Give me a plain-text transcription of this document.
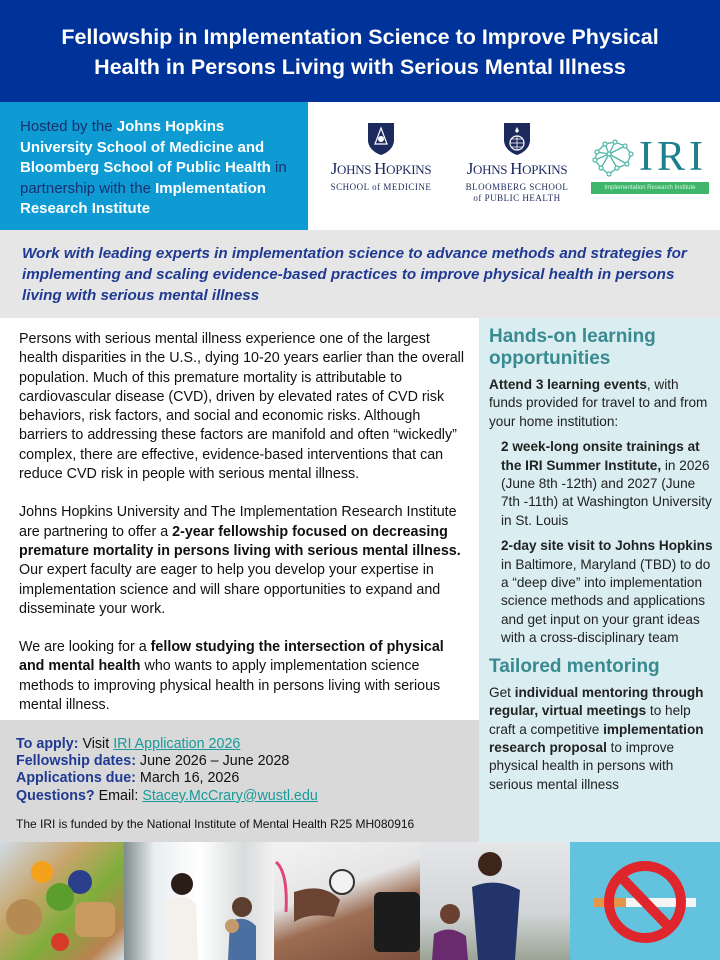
Fellowship in Implementation Science to Improve Physical
Health in Persons Living with Serious Mental Illness
Hosted by the Johns Hopkins University School of Medicine and Bloomberg School of Public Health in partnership with the Implementation Research Institute
JOHNS HOPKINS
SCHOOL of MEDICINE
JOHNS HOPKINS
BLOOMBERG SCHOOL
of PUBLIC HEALTH
IRI
Implementation Research Institute

Work with leading experts in implementation science to advance methods and strategies for implementing and scaling evidence-based practices to improve physical health in persons living with serious mental illness

Persons with serious mental illness experience one of the largest health disparities in the U.S., dying 10-20 years earlier than the overall population. Much of this premature mortality is attributable to cardiovascular disease (CVD), driven by elevated rates of CVD risk behaviors, risk factors, and social and economic risks. Although barriers to addressing these factors are manifold and often “wickedly” complex, there are effective, evidence-based interventions that can reduce CVD risk in people with serious mental illness.

Johns Hopkins University and The Implementation Research Institute are partnering to offer a 2-year fellowship focused on decreasing premature mortality in persons living with serious mental illness. Our expert faculty are eager to help you develop your expertise in implementation science and will share opportunities to expand and disseminate your work.

We are looking for a fellow studying the intersection of physical and mental health who wants to apply implementation science methods to improving physical health in persons living with serious mental illness.

To apply: Visit IRI Application 2026
Fellowship dates: June 2026 – June 2028
Applications due: March 16, 2026
Questions? Email: Stacey.McCrary@wustl.edu
The IRI is funded by the National Institute of Mental Health R25 MH080916
Hands-on learning opportunities

Attend 3 learning events, with funds provided for travel to and from your home institution:

2 week-long onsite trainings at the IRI Summer Institute, in 2026 (June 8th -12th) and 2027 (June 7th -11th) at Washington University in St. Louis

2-day site visit to Johns Hopkins in Baltimore, Maryland (TBD) to do a “deep dive” into implementation science methods and applications and get input on your grant ideas with a cross-disciplinary team

Tailored mentoring

Get individual mentoring through regular, virtual meetings to help craft a competitive implementation research proposal to improve physical health in persons with serious mental illness
